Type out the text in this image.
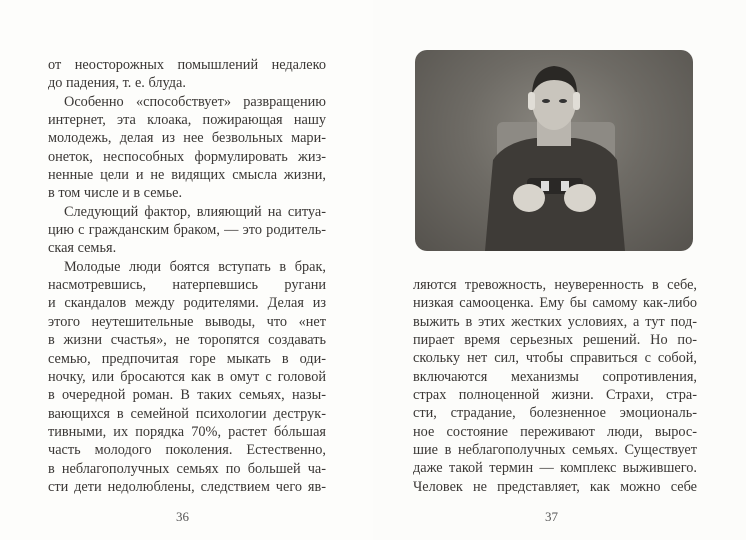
от неосторожных помышлений недалеко
до падения, т. е. блуда.
Особенно «способствует» развращению
интернет, эта клоака, пожирающая нашу
молодежь, делая из нее безвольных мари-
онеток, неспособных формулировать жиз-
ненные цели и не видящих смысла жизни,
в том числе и в семье.
Следующий фактор, влияющий на ситуа-
цию с гражданским браком, — это родитель-
ская семья.
Молодые люди боятся вступать в брак,
насмотревшись, натерпевшись ругани
и скандалов между родителями. Делая из
этого неутешительные выводы, что «нет
в жизни счастья», не торопятся создавать
семью, предпочитая горе мыкать в оди-
ночку, или бросаются как в омут с головой
в очередной роман. В таких семьях, назы-
вающихся в семейной психологии деструк-
тивными, их порядка 70%, растет бóльшая
часть молодого поколения. Естественно,
в неблагополучных семьях по большей ча-
сти дети недолюблены, следствием чего яв-
36
ляются тревожность, неуверенность в себе,
низкая самооценка. Ему бы самому как-либо
выжить в этих жестких условиях, а тут под-
пирает время серьезных решений. Но по-
скольку нет сил, чтобы справиться с собой,
включаются механизмы сопротивления,
страх полноценной жизни. Страхи, стра-
сти, страдание, болезненное эмоциональ-
ное состояние переживают люди, вырос-
шие в неблагополучных семьях. Существует
даже такой термин — комплекс выжившего.
Человек не представляет, как можно себе
37
